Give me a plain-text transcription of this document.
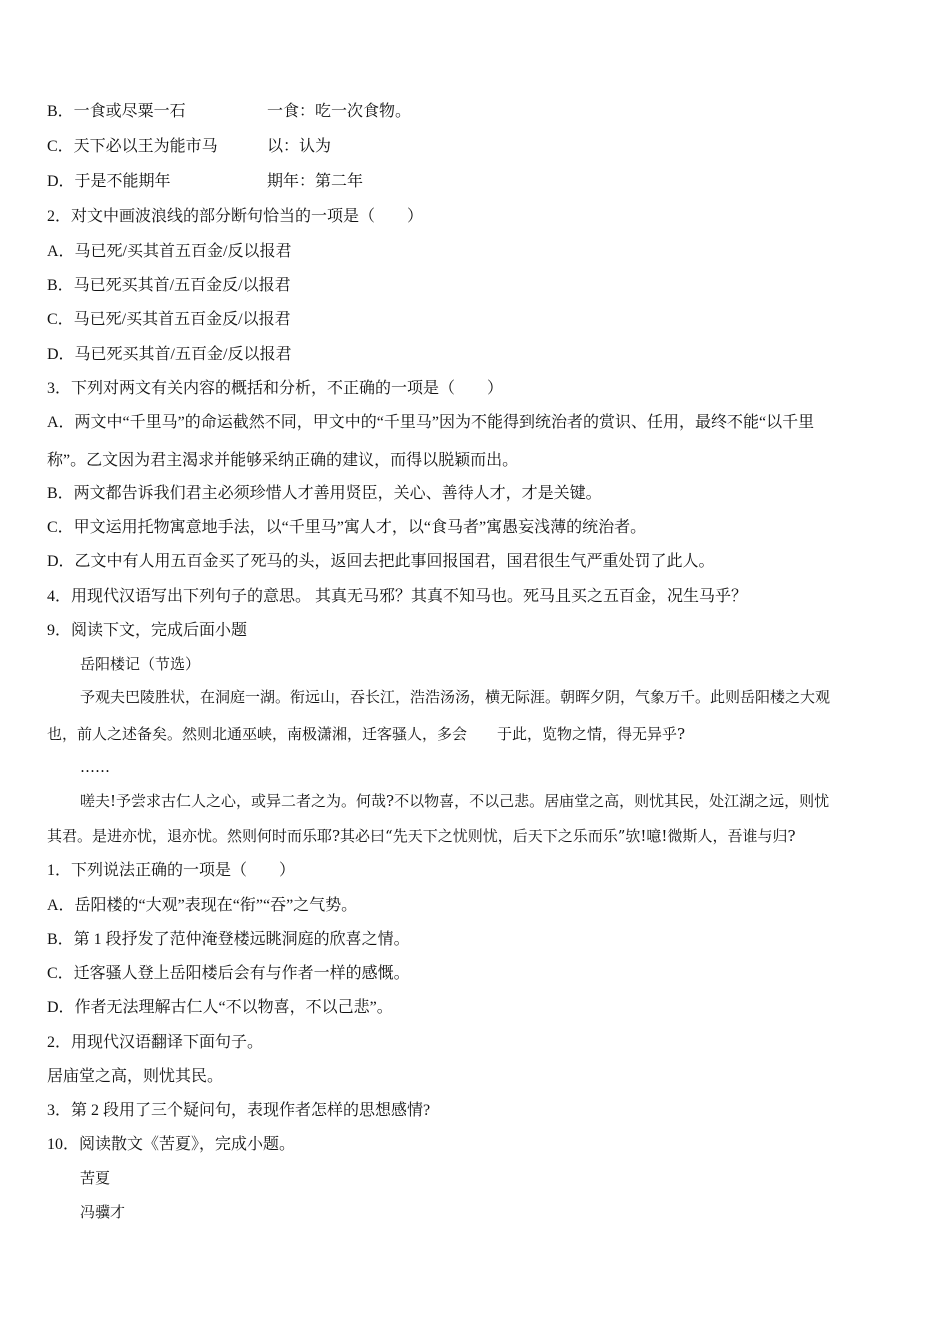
B．一食或尽粟一石	一食：吃一次食物。
C．天下必以王为能市马	以：认为
D．于是不能期年	期年：第二年
2．对文中画波浪线的部分断句恰当的一项是（　　）
A．马已死/买其首五百金/反以报君
B．马已死买其首/五百金反/以报君
C．马已死/买其首五百金反/以报君
D．马已死买其首/五百金/反以报君
3．下列对两文有关内容的概括和分析，不正确的一项是（　　）
A．两文中“千里马”的命运截然不同，甲文中的“千里马”因为不能得到统治者的赏识、任用，最终不能“以千里
称”。乙文因为君主渴求并能够采纳正确的建议，而得以脱颖而出。
B．两文都告诉我们君主必须珍惜人才善用贤臣，关心、善待人才，才是关键。
C．甲文运用托物寓意地手法，以“千里马”寓人才，以“食马者”寓愚妄浅薄的统治者。
D．乙文中有人用五百金买了死马的头，返回去把此事回报国君，国君很生气严重处罚了此人。
4．用现代汉语写出下列句子的意思。 其真无马邪？其真不知马也。死马且买之五百金，况生马乎？
9．阅读下文，完成后面小题
岳阳楼记（节选）
予观夫巴陵胜状，在洞庭一湖。衔远山，吞长江，浩浩汤汤，横无际涯。朝晖夕阴，气象万千。此则岳阳楼之大观
也，前人之述备矣。然则北通巫峡，南极潇湘，迁客骚人，多会　　于此，览物之情，得无异乎?
……
嗟夫!予尝求古仁人之心，或异二者之为。何哉?不以物喜，不以己悲。居庙堂之高，则忧其民，处江湖之远，则忧
其君。是进亦忧，退亦忧。然则何时而乐耶?其必曰“先天下之忧则忧，后天下之乐而乐”欤!噫!微斯人，吾谁与归?
1．下列说法正确的一项是（　　）
A．岳阳楼的“大观”表现在“衔”“吞”之气势。
B．第 1 段抒发了范仲淹登楼远眺洞庭的欣喜之情。
C．迁客骚人登上岳阳楼后会有与作者一样的感慨。
D．作者无法理解古仁人“不以物喜，不以己悲”。
2．用现代汉语翻译下面句子。
居庙堂之高，则忧其民。
3．第 2 段用了三个疑问句，表现作者怎样的思想感情?
10．阅读散文《苦夏》，完成小题。
苦夏
冯骥才
